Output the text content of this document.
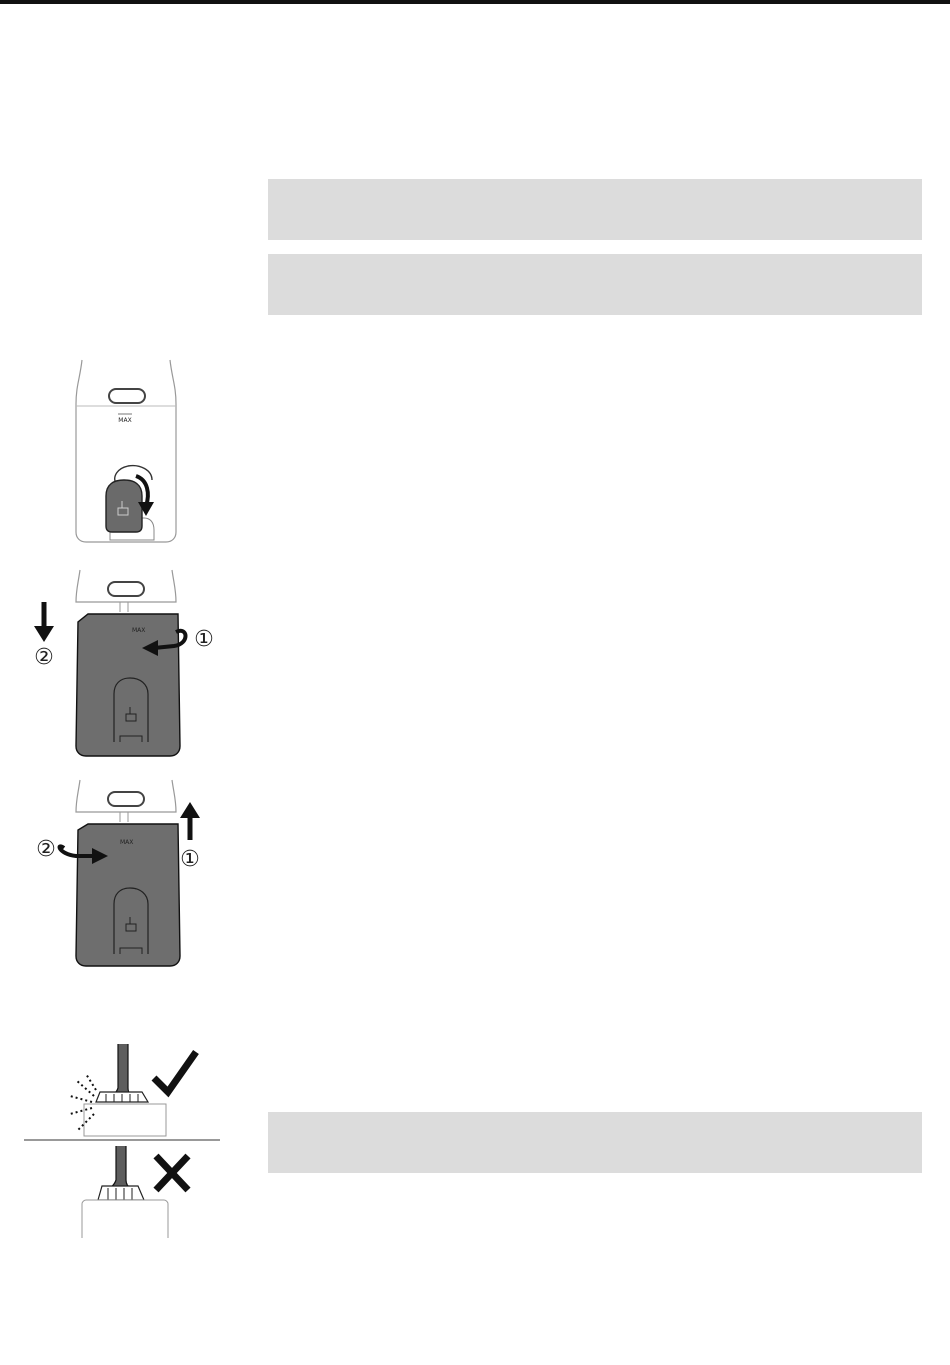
MAX
MAX
②
①
MAX
①
②
